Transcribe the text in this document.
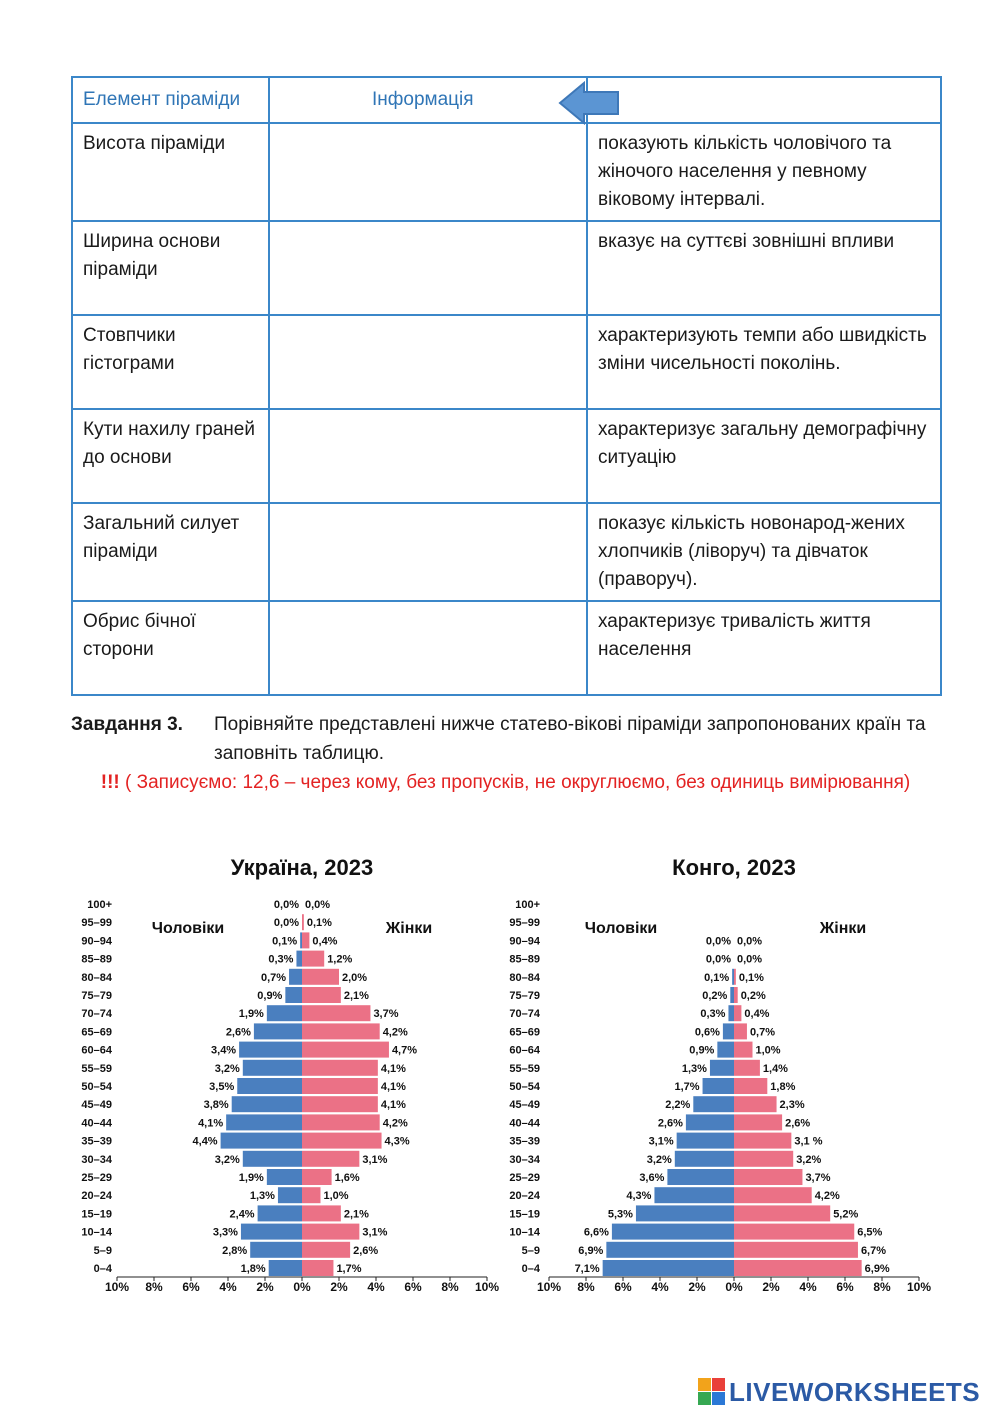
Елемент піраміди	Інформація	
Висота піраміди		показують кількість чоловічого та жіночого населення у певному віковому інтервалі.
Ширина основи піраміди		вказує на суттєві зовнішні впливи
Стовпчики гістограми		характеризують темпи або швидкість зміни чисельності поколінь.
Кути нахилу граней до основи		характеризує загальну демографічну ситуацію
Загальний силует піраміди		показує кількість новонарод-жених хлопчиків (ліворуч) та дівчаток (праворуч).
Обрис бічної сторони		характеризує тривалість життя населення
Завдання 3. Порівняйте представлені нижче статево-вікові піраміди запропонованих країн та заповніть таблицю.
!!! ( Записуємо: 12,6 – через кому, без пропусків, не округлюємо, без одиниць вимірювання)
Україна, 2023
Чоловіки	Жінки
0–4	1,8%	1,7%
5–9	2,8%	2,6%
10–14	3,3%	3,1%
15–19	2,4%	2,1%
20–24	1,3%	1,0%
25–29	1,9%	1,6%
30–34	3,2%	3,1%
35–39	4,4%	4,3%
40–44	4,1%	4,2%
45–49	3,8%	4,1%
50–54	3,5%	4,1%
55–59	3,2%	4,1%
60–64	3,4%	4,7%
65–69	2,6%	4,2%
70–74	1,9%	3,7%
75–79	0,9%	2,1%
80–84	0,7%	2,0%
85–89	0,3%	1,2%
90–94	0,1% 0,4%
95–99	0,0% 0,1%
100+	0,0% 0,0%
10% 8% 6% 4% 2% 0% 2% 4% 6% 8% 10%
Конго, 2023
Чоловіки	Жінки
0–4	7,1%	6,9%
5–9	6,9%	6,7%
10–14	6,6%	6,5%
15–19	5,3%	5,2%
20–24	4,3%	4,2%
25–29	3,6%	3,7%
30–34	3,2%	3,2%
35–39	3,1%	3,1 %
40–44	2,6%	2,6%
45–49	2,2%	2,3%
50–54	1,7%	1,8%
55–59	1,3%	1,4%
60–64	0,9%	1,0%
65–69	0,6%	0,7%
70–74	0,3% 0,4%
75–79	0,2% 0,2%
80–84	0,1% 0,1%
85–89	0,0% 0,0%
90–94	0,0% 0,0%
95–99
100+
10% 8% 6% 4% 2% 0% 2% 4% 6% 8% 10%
LIVEWORKSHEETS
